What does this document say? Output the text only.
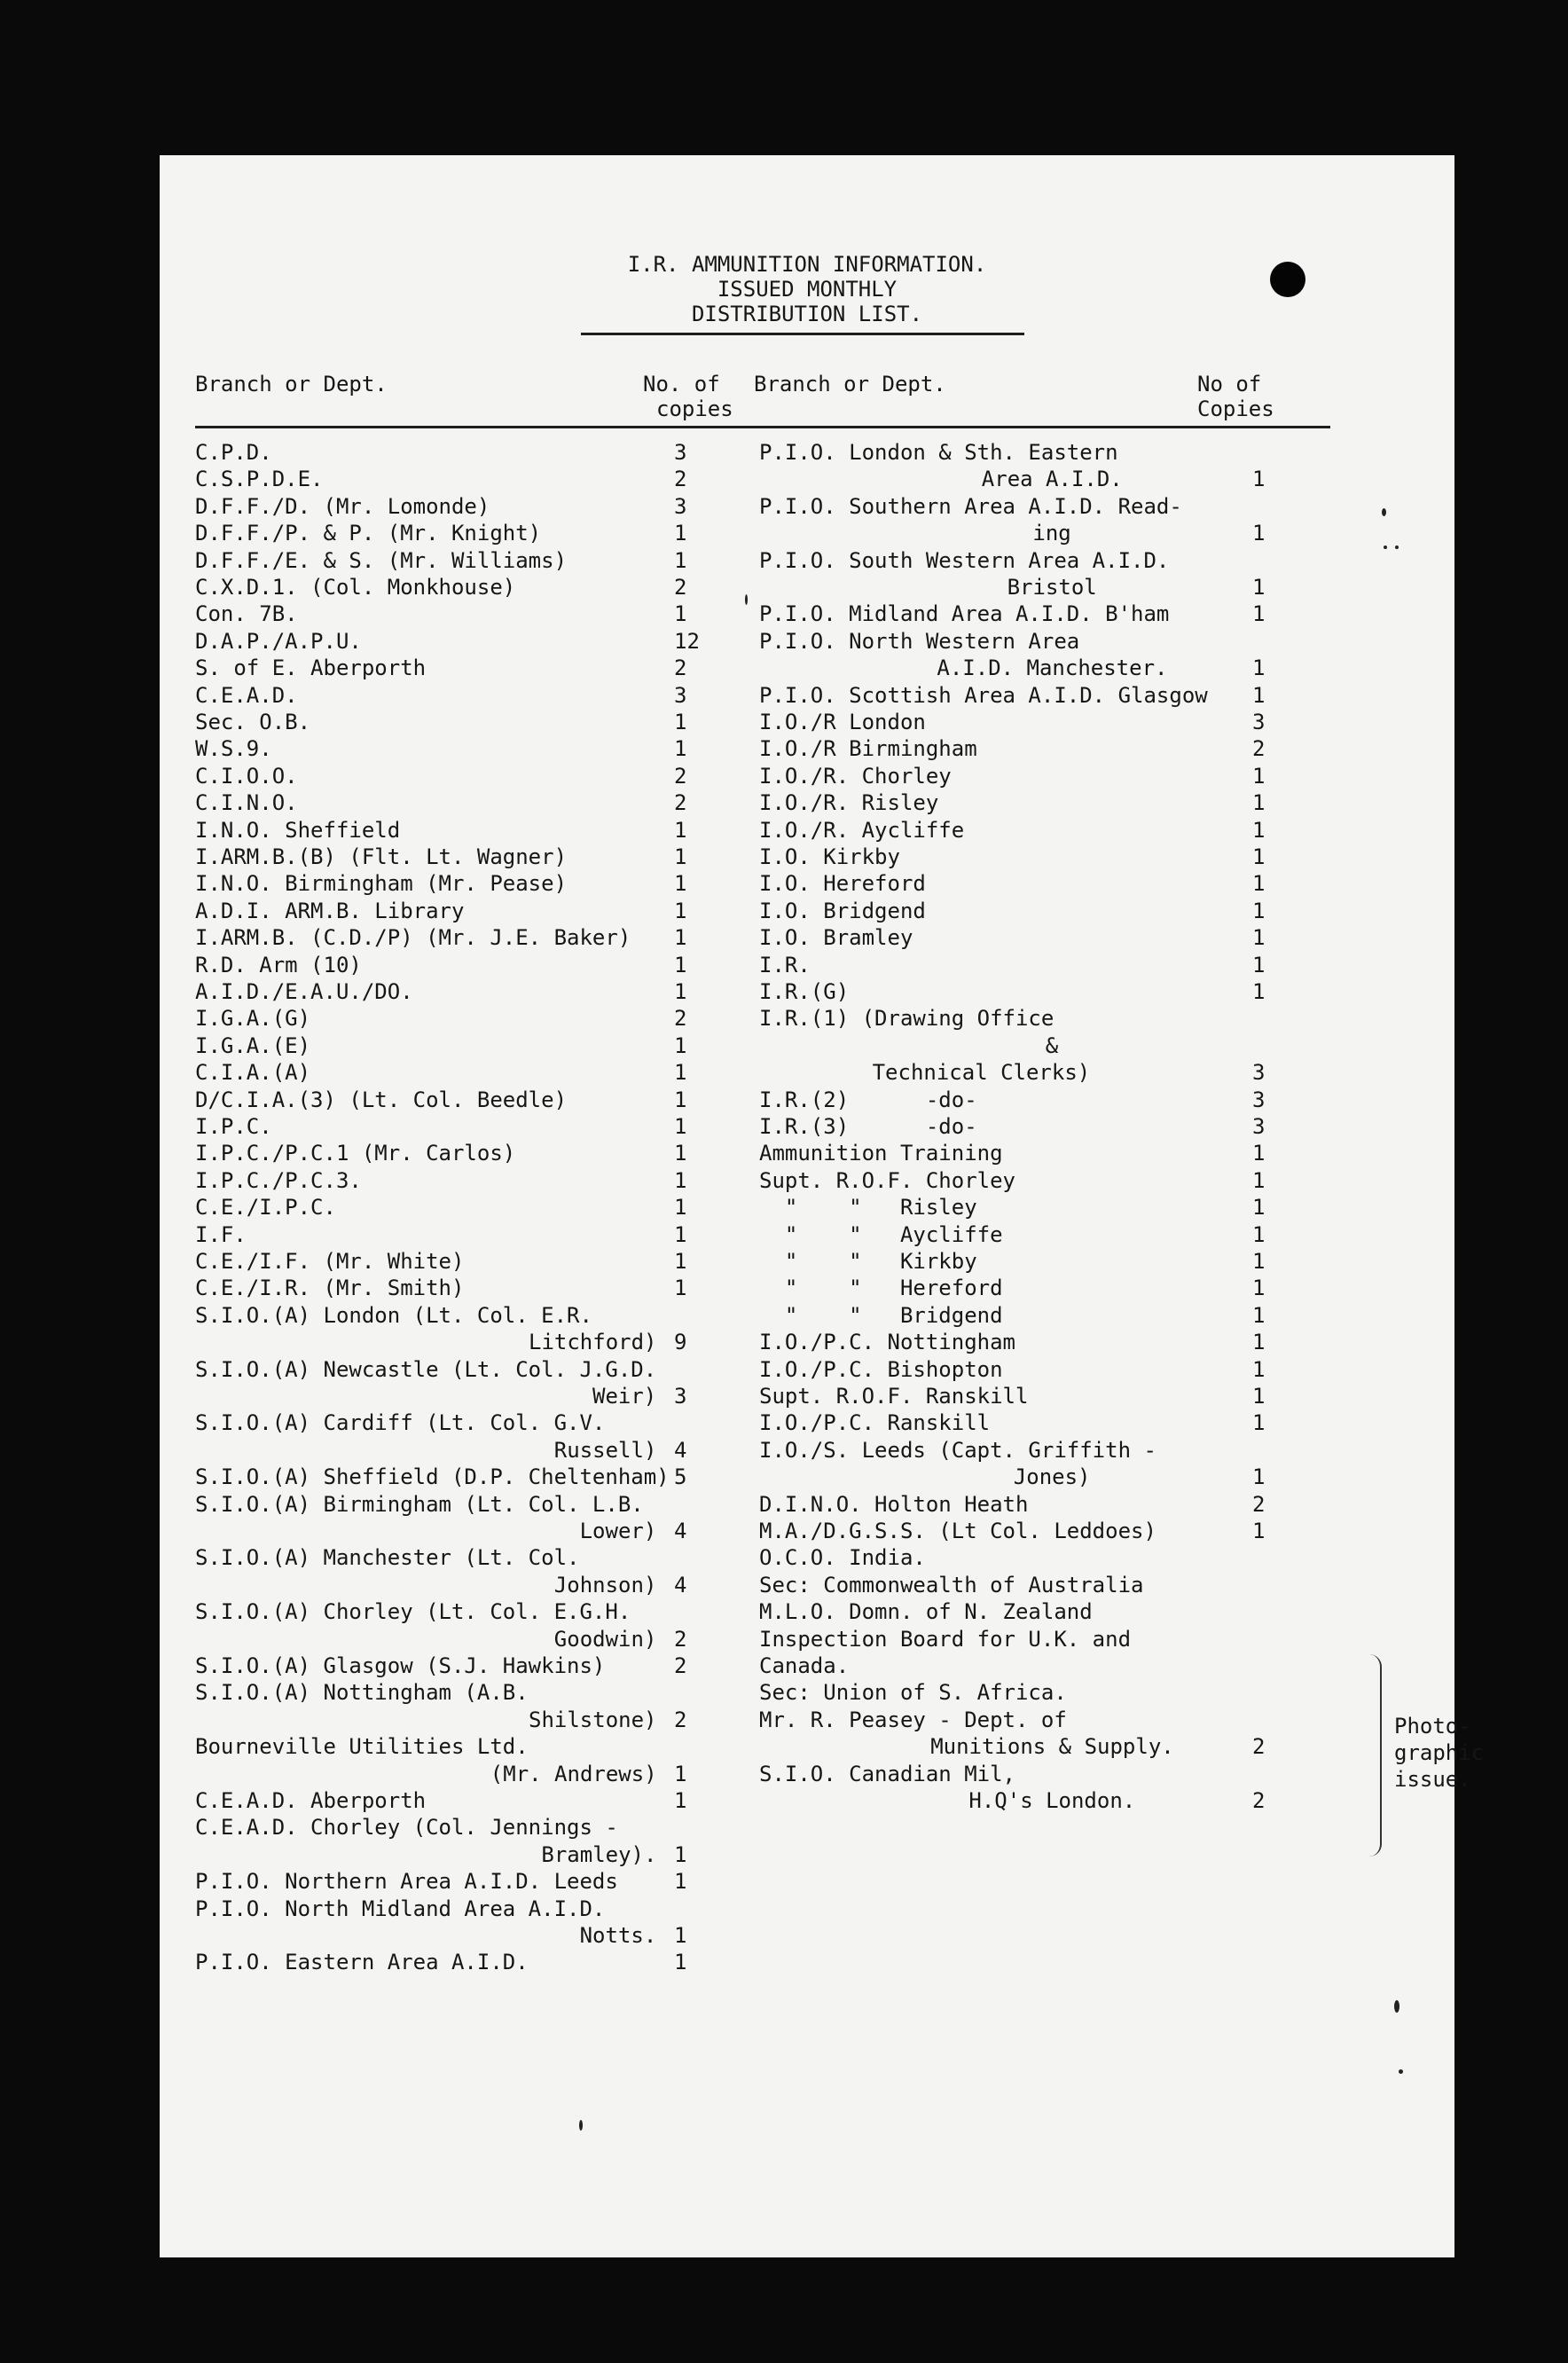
I.R. AMMUNITION INFORMATION.
ISSUED MONTHLY
DISTRIBUTION LIST.
Branch or Dept.	No. of
copies
Branch or Dept.	No of
Copies
C.P.D.	3
C.S.P.D.E.	2
D.F.F./D. (Mr. Lomonde)	3
D.F.F./P. & P. (Mr. Knight)	1
D.F.F./E. & S. (Mr. Williams)	1
C.X.D.1. (Col. Monkhouse)	2
Con. 7B.	1
D.A.P./A.P.U.	12
S. of E. Aberporth	2
C.E.A.D.	3
Sec. O.B.	1
W.S.9.	1
C.I.O.O.	2
C.I.N.O.	2
I.N.O. Sheffield	1
I.ARM.B.(B) (Flt. Lt. Wagner)	1
I.N.O. Birmingham (Mr. Pease)	1
A.D.I. ARM.B. Library	1
I.ARM.B. (C.D./P) (Mr. J.E. Baker) 1
R.D. Arm (10)	1
A.I.D./E.A.U./DO.	1
I.G.A.(G)	2
I.G.A.(E)	1
C.I.A.(A)	1
D/C.I.A.(3) (Lt. Col. Beedle)	1
I.P.C.	1
I.P.C./P.C.1 (Mr. Carlos)	1
I.P.C./P.C.3.	1
C.E./I.P.C.	1
I.F.	1
C.E./I.F. (Mr. White)	1
C.E./I.R. (Mr. Smith)	1
S.I.O.(A) London (Lt. Col. E.R.
Litchford) 9
S.I.O.(A) Newcastle (Lt. Col. J.G.D.
Weir) 3
S.I.O.(A) Cardiff (Lt. Col. G.V.
Russell) 4
S.I.O.(A) Sheffield (D.P. Cheltenham) 5
S.I.O.(A) Birmingham (Lt. Col. L.B.
Lower) 4
S.I.O.(A) Manchester (Lt. Col.
Johnson) 4
S.I.O.(A) Chorley (Lt. Col. E.G.H.
Goodwin) 2
S.I.O.(A) Glasgow (S.J. Hawkins)	2
S.I.O.(A) Nottingham (A.B.
Shilstone) 2
Bourneville Utilities Ltd.
(Mr. Andrews) 1
C.E.A.D. Aberporth	1
C.E.A.D. Chorley (Col. Jennings -
Bramley). 1
P.I.O. Northern Area A.I.D. Leeds	1
P.I.O. North Midland Area A.I.D.
Notts. 1
P.I.O. Eastern Area A.I.D.	1
P.I.O. London & Sth. Eastern
Area A.I.D.	1
P.I.O. Southern Area A.I.D. Read-
ing	1
P.I.O. South Western Area A.I.D.
Bristol	1
P.I.O. Midland Area A.I.D. B'ham	1
P.I.O. North Western Area
A.I.D. Manchester.	1
P.I.O. Scottish Area A.I.D. Glasgow 1
I.O./R London	3
I.O./R Birmingham	2
I.O./R. Chorley	1
I.O./R. Risley	1
I.O./R. Aycliffe	1
I.O. Kirkby	1
I.O. Hereford	1
I.O. Bridgend	1
I.O. Bramley	1
I.R.	1
I.R.(G)	1
I.R.(1) (Drawing Office
&
Technical Clerks)	3
I.R.(2)      -do-	3
I.R.(3)      -do-	3
Ammunition Training	1
Supt. R.O.F. Chorley	1
"    "   Risley	1
"    "   Aycliffe	1
"    "   Kirkby	1
"    "   Hereford	1
"    "   Bridgend	1
I.O./P.C. Nottingham	1
I.O./P.C. Bishopton	1
Supt. R.O.F. Ranskill	1
I.O./P.C. Ranskill	1
I.O./S. Leeds (Capt. Griffith -
Jones)	1
D.I.N.O. Holton Heath	2
M.A./D.G.S.S. (Lt Col. Leddoes)	1
O.C.O. India.
Sec: Commonwealth of Australia
M.L.O. Domn. of N. Zealand
Inspection Board for U.K. and
Canada.
Sec: Union of S. Africa.
Mr. R. Peasey - Dept. of
Munitions & Supply.	2
S.I.O. Canadian Mil,
H.Q's London.	2
Photo-
graphic
issue.
